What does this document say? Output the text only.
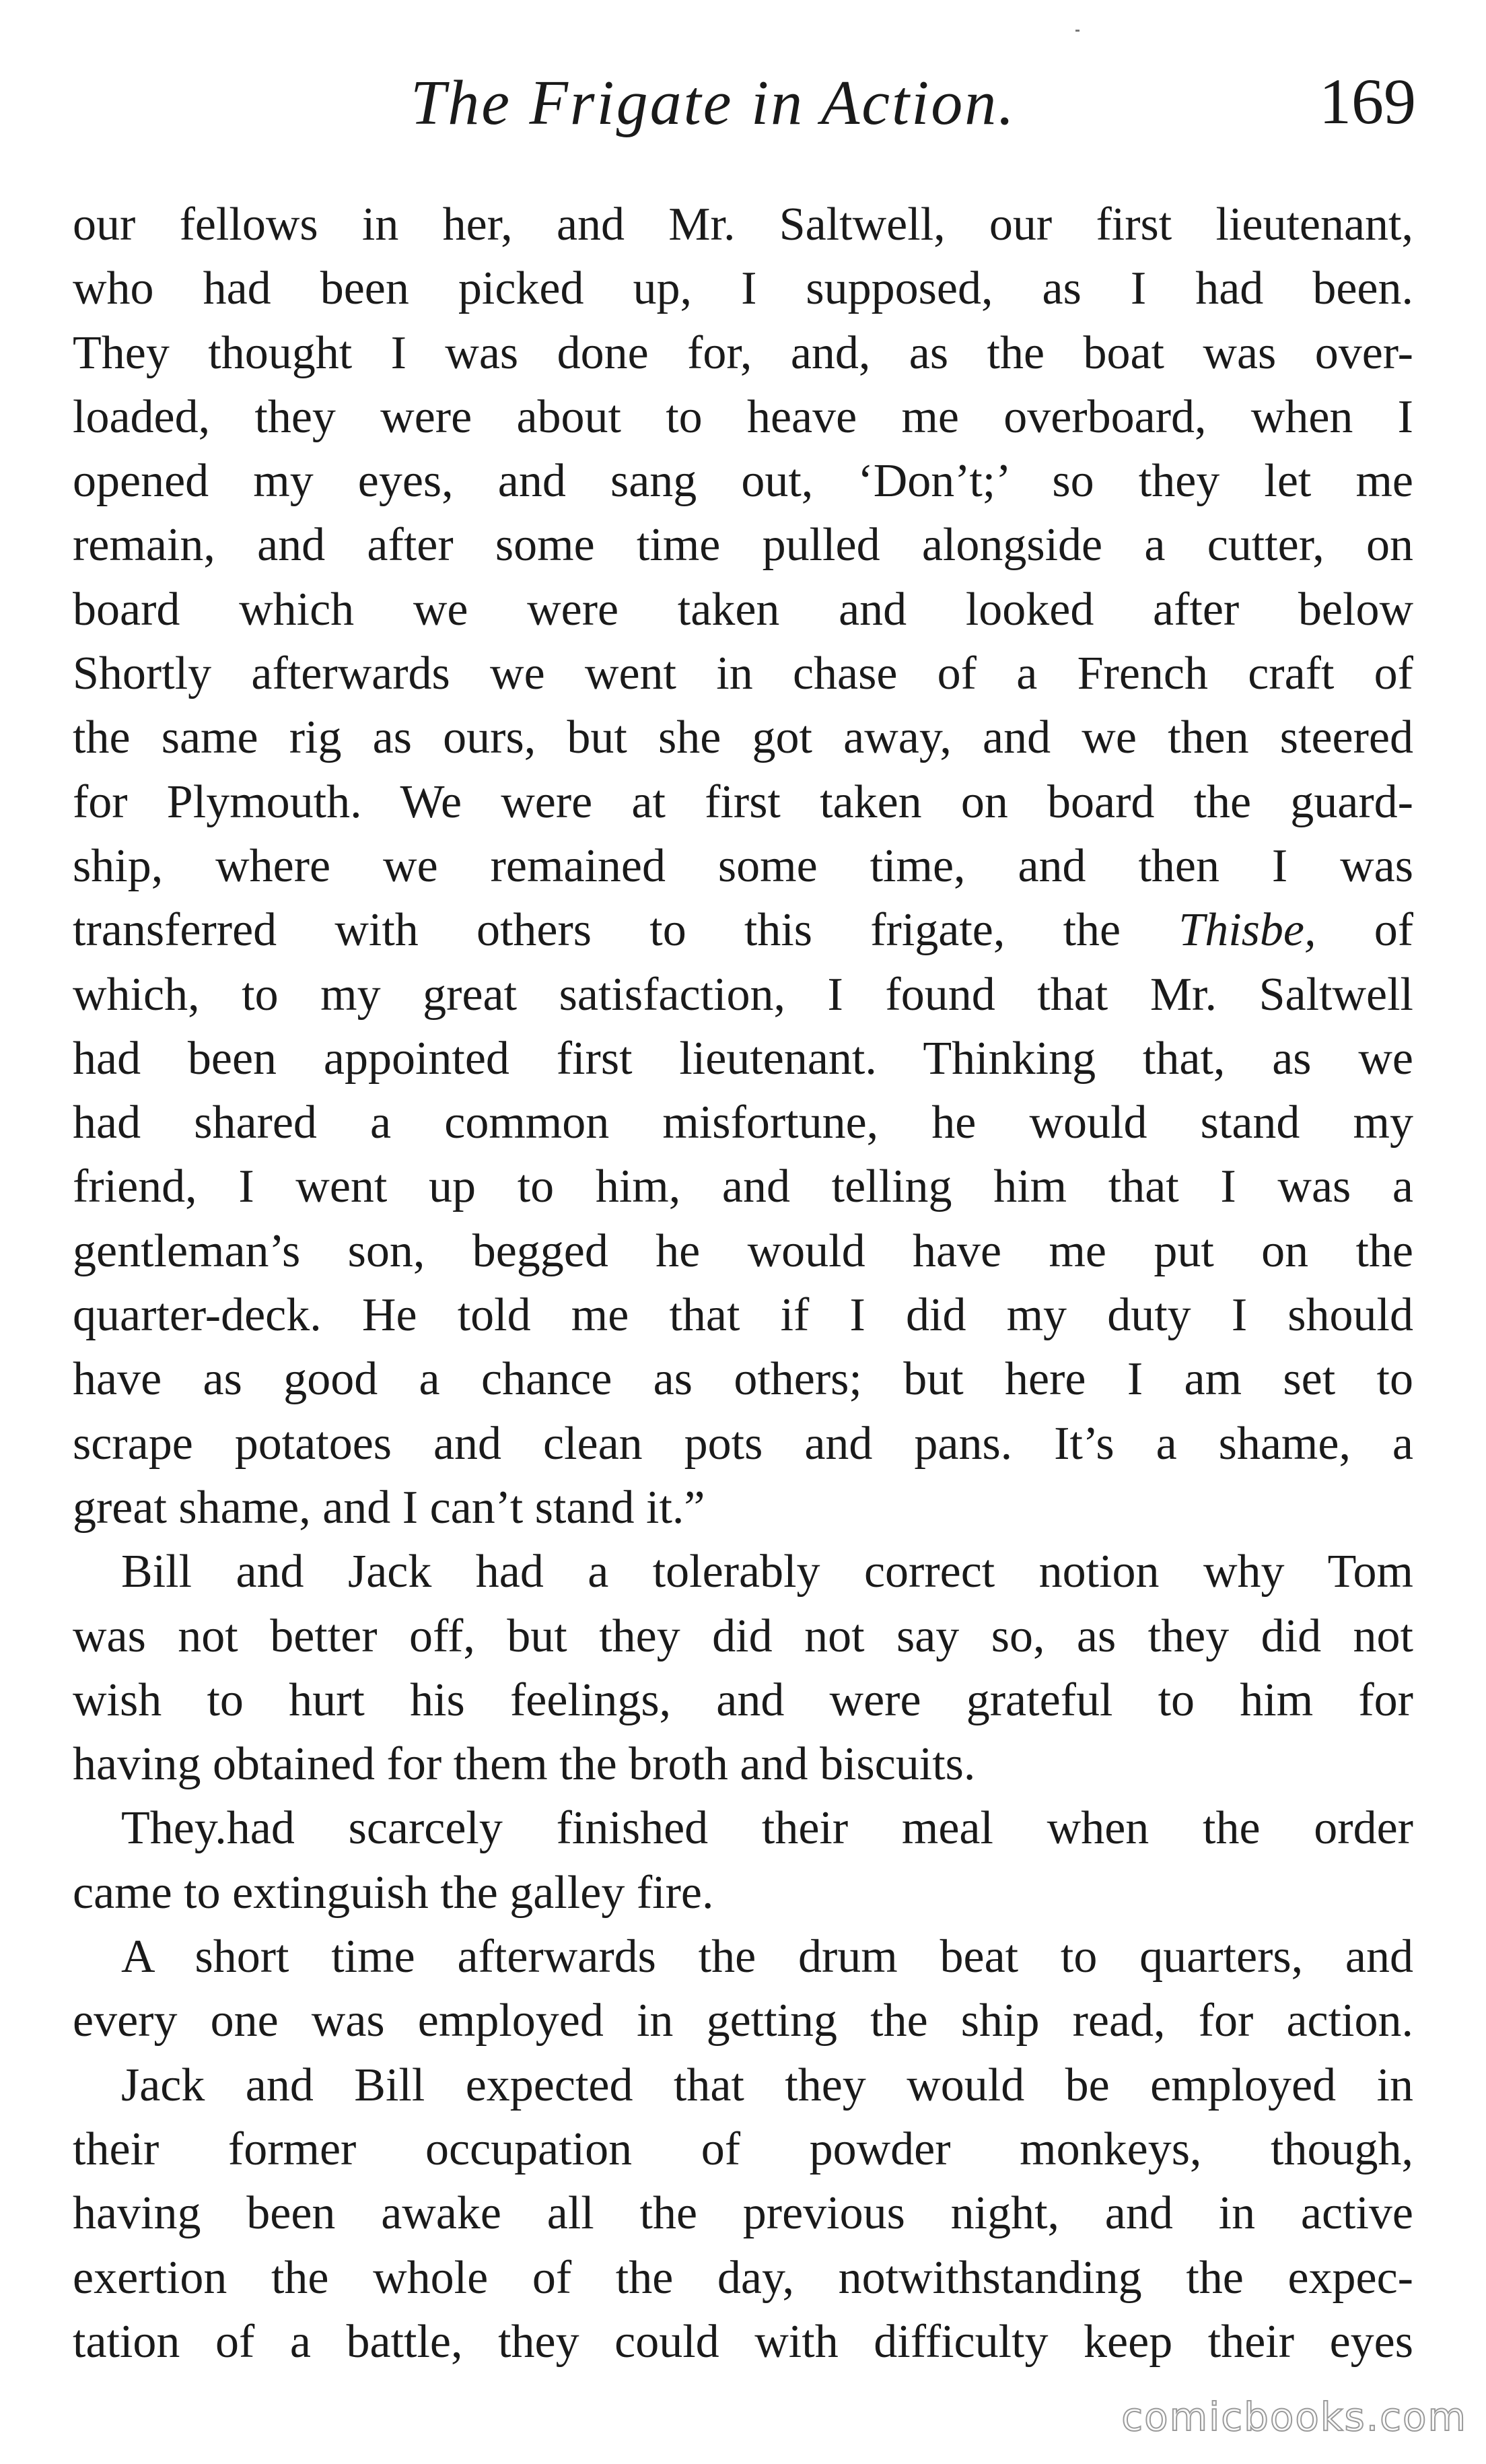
The Frigate in Action.	169
our fellows in her, and Mr. Saltwell, our first lieutenant,
who had been picked up, I supposed, as I had been.
They thought I was done for, and, as the boat was over-
loaded, they were about to heave me overboard, when I
opened my eyes, and sang out, ‘Don’t;’ so they let me
remain, and after some time pulled alongside a cutter, on
board which we were taken and looked after below
Shortly afterwards we went in chase of a French craft of
the same rig as ours, but she got away, and we then steered
for Plymouth. We were at first taken on board the guard-
ship, where we remained some time, and then I was
transferred with others to this frigate, the Thisbe, of
which, to my great satisfaction, I found that Mr. Saltwell
had been appointed first lieutenant. Thinking that, as we
had shared a common misfortune, he would stand my
friend, I went up to him, and telling him that I was a
gentleman’s son, begged he would have me put on the
quarter-deck. He told me that if I did my duty I should
have as good a chance as others; but here I am set to
scrape potatoes and clean pots and pans. It’s a shame, a
great shame, and I can’t stand it.”
Bill and Jack had a tolerably correct notion why Tom
was not better off, but they did not say so, as they did not
wish to hurt his feelings, and were grateful to him for
having obtained for them the broth and biscuits.
They.had scarcely finished their meal when the order
came to extinguish the galley fire.
A short time afterwards the drum beat to quarters, and
every one was employed in getting the ship read, for action.
Jack and Bill expected that they would be employed in
their former occupation of powder monkeys, though,
having been awake all the previous night, and in active
exertion the whole of the day, notwithstanding the expec-
tation of a battle, they could with difficulty keep their eyes
comicbooks.com
